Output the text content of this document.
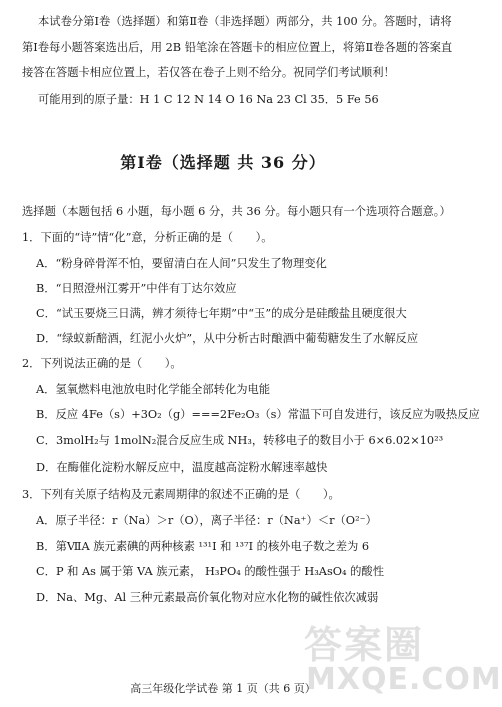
本试卷分第Ⅰ卷（选择题）和第Ⅱ卷（非选择题）两部分，共 100 分。答题时，请将
第Ⅰ卷每小题答案选出后，用 2B 铅笔涂在答题卡的相应位置上，将第Ⅱ卷各题的答案直
接答在答题卡相应位置上，若仅答在卷子上则不给分。祝同学们考试顺利！
可能用到的原子量：H 1 C 12 N 14 O 16 Na 23 Cl 35．5 Fe 56
第Ⅰ卷（选择题 共 36 分）
选择题（本题包括 6 小题，每小题 6 分，共 36 分。每小题只有一个选项符合题意。）
1．下面的“诗”情“化”意，分析正确的是（　　）。
A．“粉身碎骨浑不怕，要留清白在人间”只发生了物理变化
B．“日照澄州江雾开”中伴有丁达尔效应
C．“试玉要烧三日满，辨才须待七年期”中“玉”的成分是硅酸盐且硬度很大
D．“绿蚁新醅酒，红泥小火炉”，从中分析古时酿酒中葡萄糖发生了水解反应
2．下列说法正确的是（　　）。
A．氢氧燃料电池放电时化学能全部转化为电能
B．反应 4Fe（s）+3O₂（g）===2Fe₂O₃（s）常温下可自发进行，该反应为吸热反应
C．3molH₂与 1molN₂混合反应生成 NH₃，转移电子的数目小于 6×6.02×10²³
D．在酶催化淀粉水解反应中，温度越高淀粉水解速率越快
3．下列有关原子结构及元素周期律的叙述不正确的是（　　）。
A．原子半径：r（Na）＞r（O），离子半径：r（Na⁺）＜r（O²⁻）
B．第ⅦA 族元素碘的两种核素 ¹³¹I 和 ¹³⁷I 的核外电子数之差为 6
C．P 和 As 属于第 VA 族元素， H₃PO₄ 的酸性强于 H₃AsO₄ 的酸性
D．Na、Mg、Al 三种元素最高价氧化物对应水化物的碱性依次减弱
答案圈
MXQE.COM
高三年级化学试卷 第 1 页（共 6 页）
